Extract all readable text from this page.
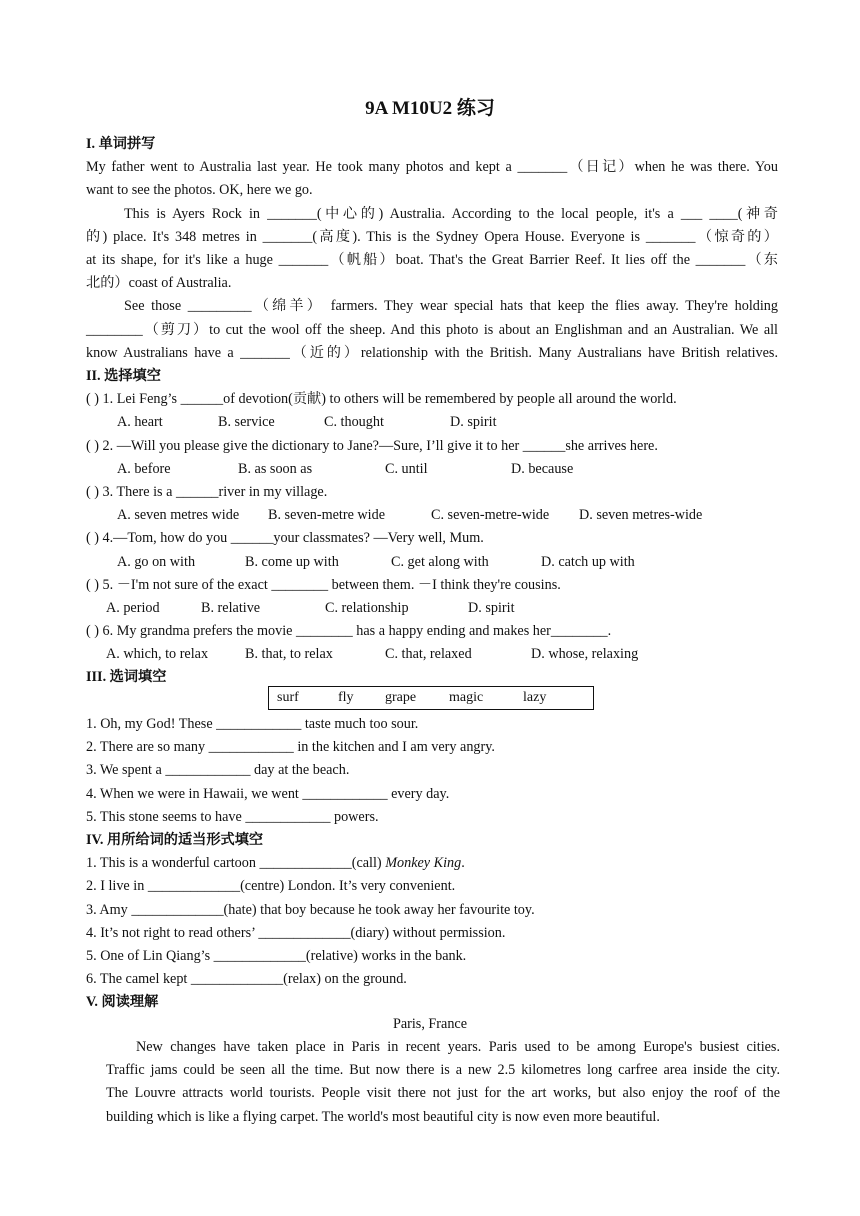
9A M10U2 练习
I. 单词拼写
My father went to Australia last year. He took many photos and kept a _______（日记）when he was there. You
want to see the photos. OK, here we go.
This is Ayers Rock in _______(中心的) Australia. According to the local people, it's a ___ ____(神奇
的) place. It's 348 metres in _______(高度). This is the Sydney Opera House. Everyone is _______（惊奇的）
at its shape, for it's like a huge _______（帆船）boat. That's the Great Barrier Reef. It lies off the _______（东
北的）coast of Australia.
See those _________（绵羊） farmers. They wear special hats that keep the flies away. They're holding
________（剪刀）to cut the wool off the sheep. And this photo is about an Englishman and an Australian. We all
know Australians have a _______（近的）relationship with the British. Many Australians have British relatives.
II. 选择填空
( ) 1. Lei Feng’s ______of devotion(贡献) to others will be remembered by people all around the world.
A. heart	B. service	C. thought	D. spirit
( ) 2. —Will you please give the dictionary to Jane?—Sure, I’ll give it to her ______she arrives here.
A. before	B. as soon as	C. until	D. because
( ) 3. There is a ______river in my village.
A. seven metres wide B. seven-metre wide	C. seven-metre-wide D. seven metres-wide
( ) 4.—Tom, how do you ______your classmates? —Very well, Mum.
A. go on with	B. come up with	C. get along with	D. catch up with
( ) 5. －I'm not sure of the exact ________ between them. －I think they're cousins.
A. period	B. relative	C. relationship	D. spirit
( ) 6. My grandma prefers the movie ________ has a happy ending and makes her________.
A. which, to relax	B. that, to relax	C. that, relaxed	D. whose, relaxing
III. 选词填空
surf	fly grape magic	lazy
1. Oh, my God! These ____________ taste much too sour.
2. There are so many ____________ in the kitchen and I am very angry.
3. We spent a ____________ day at the beach.
4. When we were in Hawaii, we went ____________ every day.
5. This stone seems to have ____________ powers.
IV. 用所给词的适当形式填空
1. This is a wonderful cartoon _____________(call) Monkey King.
2. I live in _____________(centre) London. It’s very convenient.
3. Amy _____________(hate) that boy because he took away her favourite toy.
4. It’s not right to read others’ _____________(diary) without permission.
5. One of Lin Qiang’s _____________(relative) works in the bank.
6. The camel kept _____________(relax) on the ground.
V. 阅读理解
Paris, France
New changes have taken place in Paris in recent years. Paris used to be among Europe's busiest cities.
Traffic jams could be seen all the time. But now there is a new 2.5 kilometres long carfree area inside the city.
The Louvre attracts world tourists. People visit there not just for the art works, but also enjoy the roof of the
building which is like a flying carpet. The world's most beautiful city is now even more beautiful.
